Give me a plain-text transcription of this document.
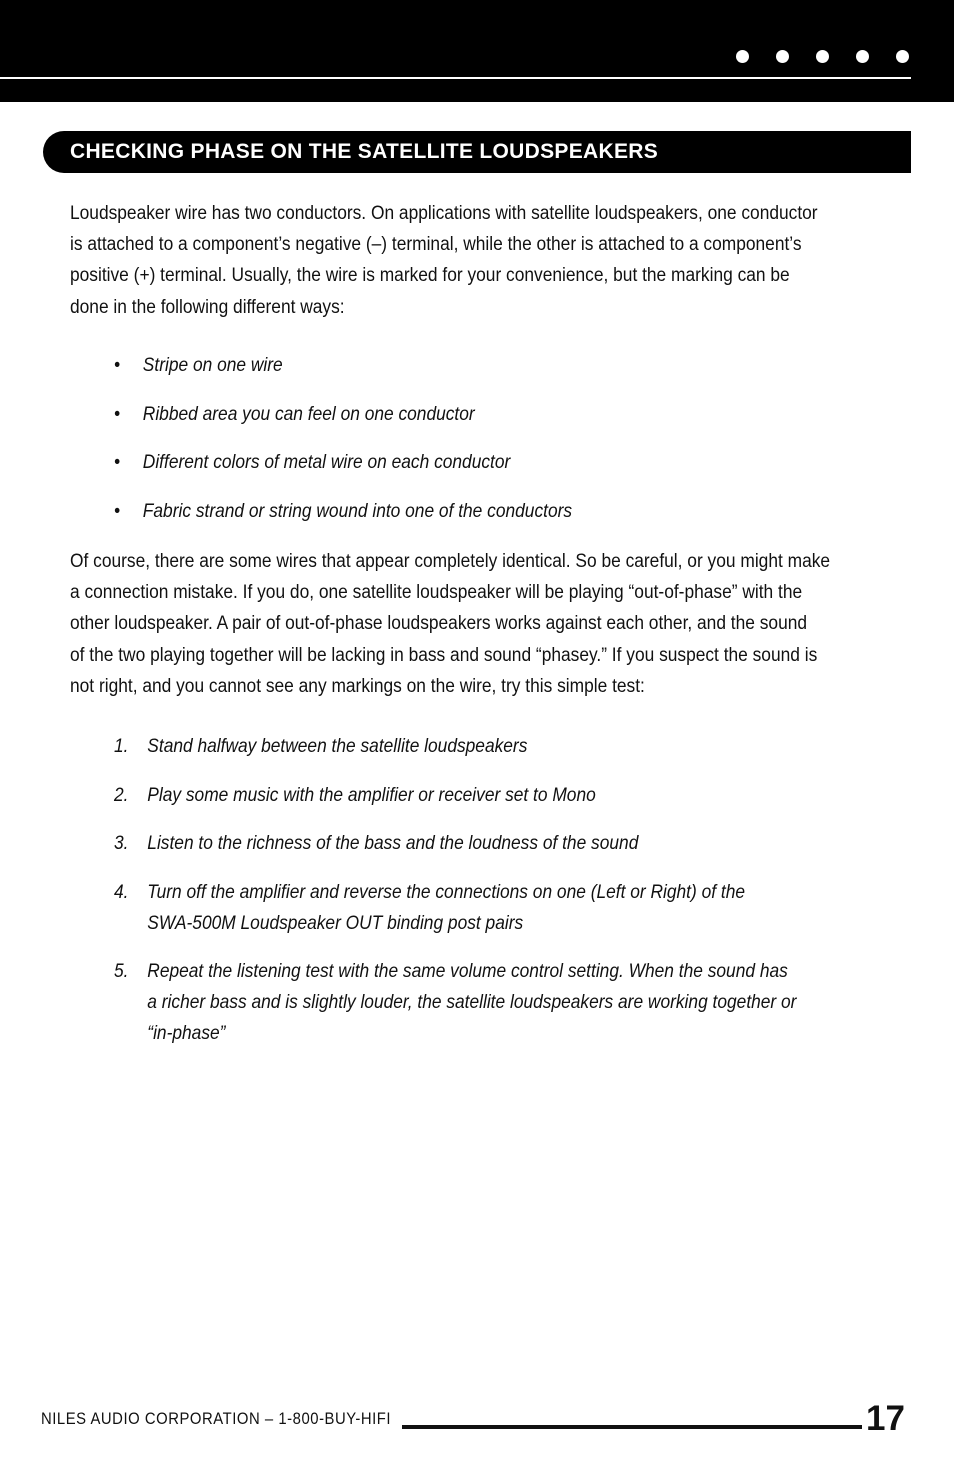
CHECKING PHASE ON THE SATELLITE LOUDSPEAKERS

Loudspeaker wire has two conductors. On applications with satellite loudspeakers, one conductor
is attached to a component’s negative (–) terminal, while the other is attached to a component’s
positive (+) terminal. Usually, the wire is marked for your convenience, but the marking can be
done in the following different ways:

• Stripe on one wire
• Ribbed area you can feel on one conductor
• Different colors of metal wire on each conductor
• Fabric strand or string wound into one of the conductors

Of course, there are some wires that appear completely identical. So be careful, or you might make
a connection mistake. If you do, one satellite loudspeaker will be playing “out-of-phase” with the
other loudspeaker. A pair of out-of-phase loudspeakers works against each other, and the sound
of the two playing together will be lacking in bass and sound “phasey.” If you suspect the sound is
not right, and you cannot see any markings on the wire, try this simple test:

1. Stand halfway between the satellite loudspeakers
2. Play some music with the amplifier or receiver set to Mono
3. Listen to the richness of the bass and the loudness of the sound
4. Turn off the amplifier and reverse the connections on one (Left or Right) of the
SWA-500M Loudspeaker OUT binding post pairs
5. Repeat the listening test with the same volume control setting. When the sound has
a richer bass and is slightly louder, the satellite loudspeakers are working together or
“in-phase”
NILES AUDIO CORPORATION – 1-800-BUY-HIFI	17
